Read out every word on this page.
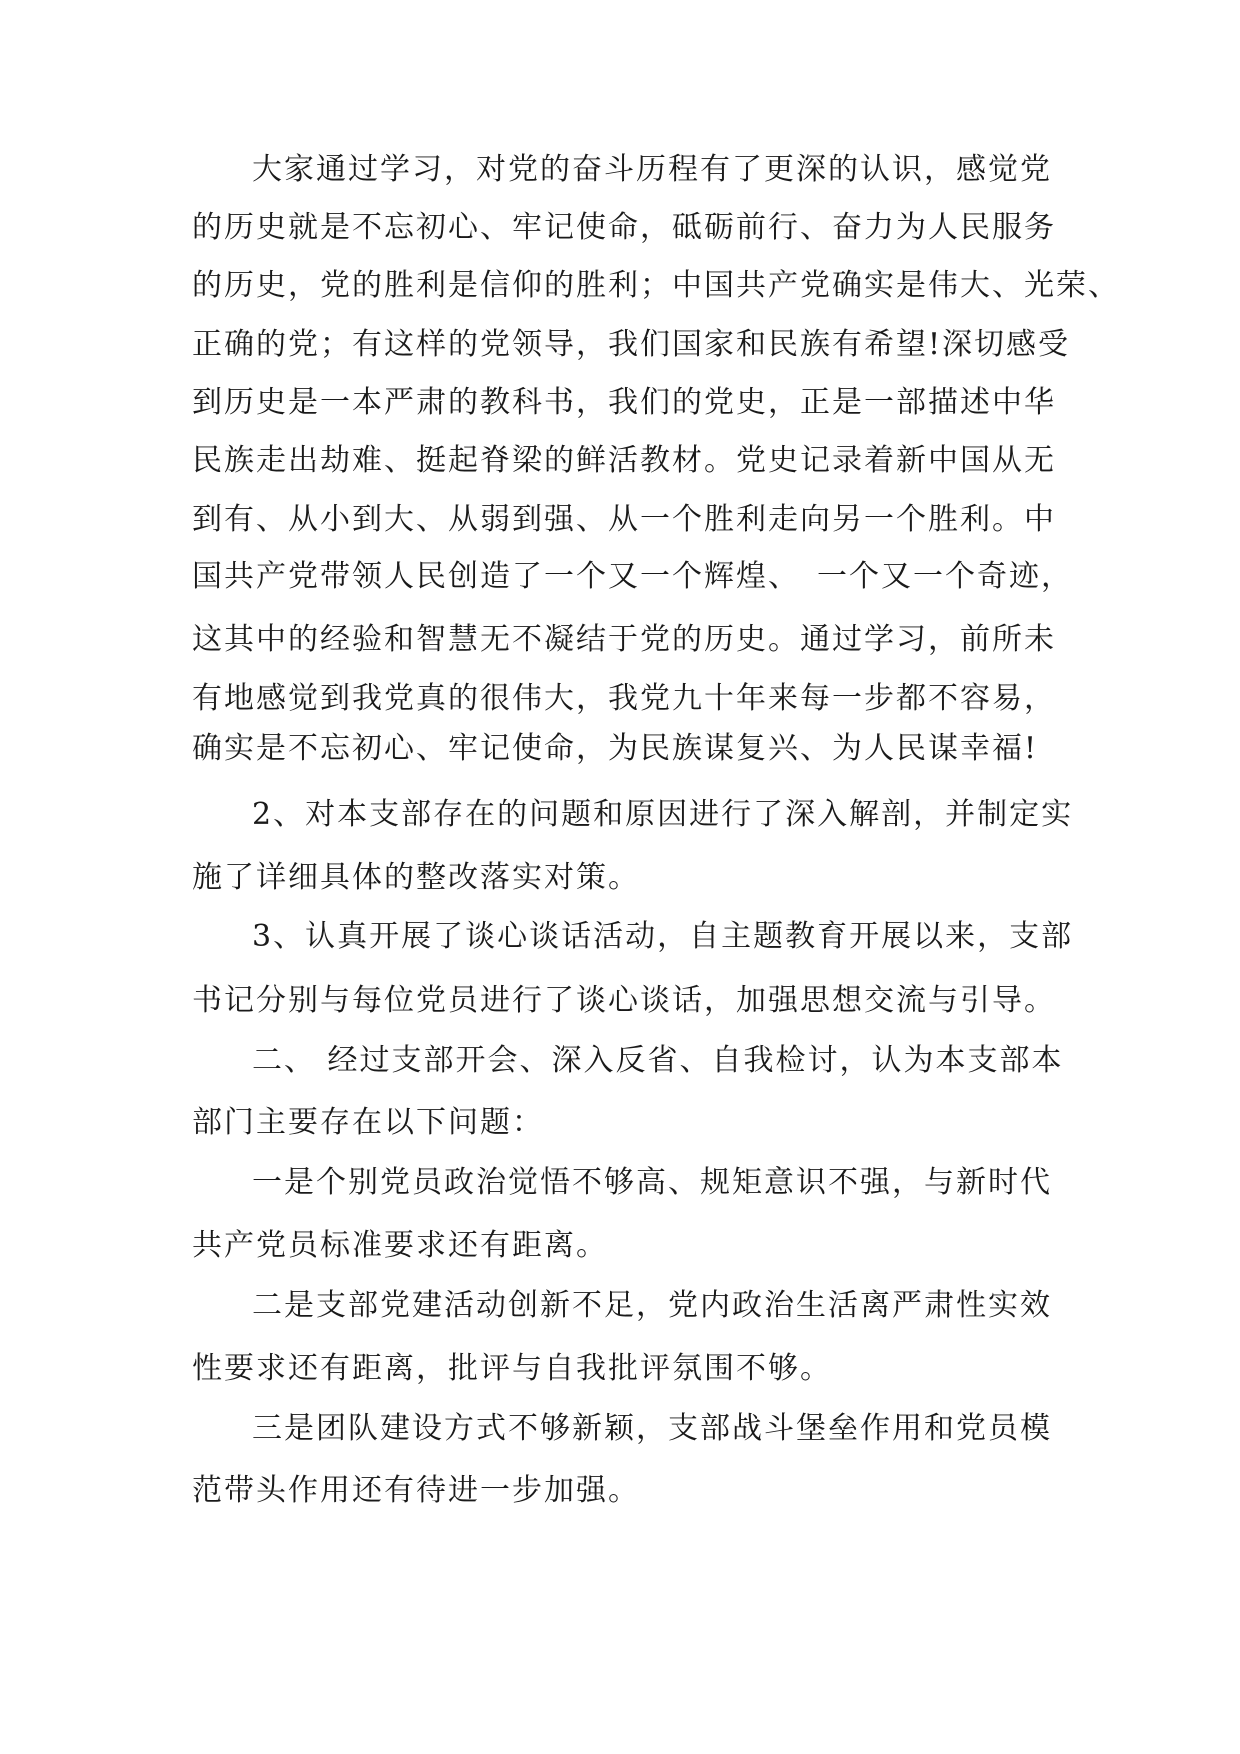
大家通过学习，对党的奋斗历程有了更深的认识，感觉党
的历史就是不忘初心、牢记使命，砥砺前行、奋力为人民服务
的历史，党的胜利是信仰的胜利；中国共产党确实是伟大、光荣、
正确的党；有这样的党领导，我们国家和民族有希望!深切感受
到历史是一本严肃的教科书，我们的党史，正是一部描述中华
民族走出劫难、挺起脊梁的鲜活教材。党史记录着新中国从无
到有、从小到大、从弱到强、从一个胜利走向另一个胜利。中
国共产党带领人民创造了一个又一个辉煌、　一个又一个奇迹，
这其中的经验和智慧无不凝结于党的历史。通过学习，前所未
有地感觉到我党真的很伟大，我党九十年来每一步都不容易，
确实是不忘初心、牢记使命，为民族谋复兴、为人民谋幸福!
2、对本支部存在的问题和原因进行了深入解剖，并制定实
施了详细具体的整改落实对策。
3、认真开展了谈心谈话活动，自主题教育开展以来，支部
书记分别与每位党员进行了谈心谈话，加强思想交流与引导。
二、 经过支部开会、深入反省、自我检讨，认为本支部本
部门主要存在以下问题：
一是个别党员政治觉悟不够高、规矩意识不强，与新时代
共产党员标准要求还有距离。
二是支部党建活动创新不足，党内政治生活离严肃性实效
性要求还有距离，批评与自我批评氛围不够。
三是团队建设方式不够新颖，支部战斗堡垒作用和党员模
范带头作用还有待进一步加强。
